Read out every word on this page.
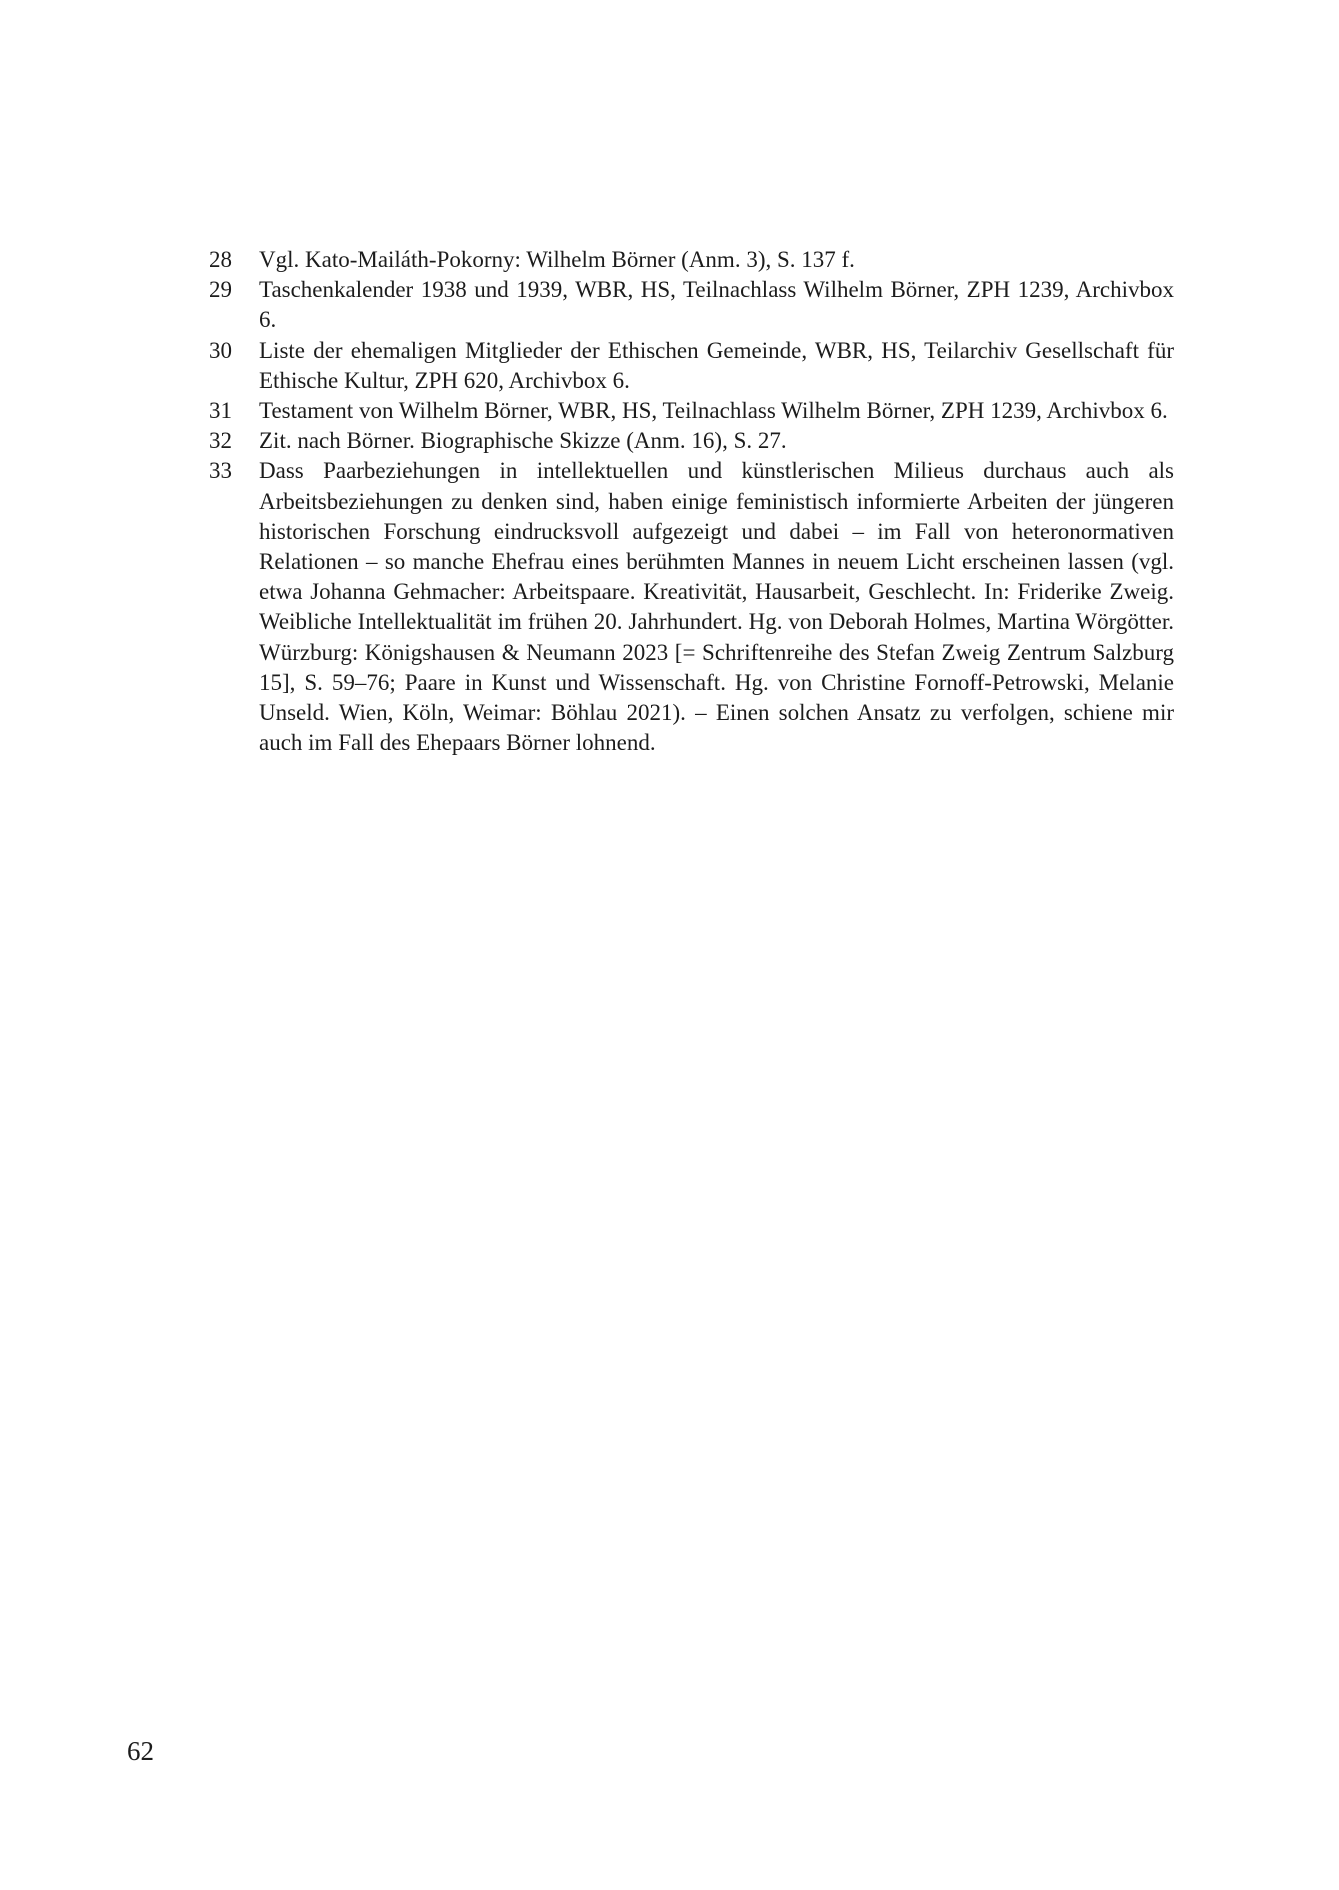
28	Vgl. Kato-Mailáth-Pokorny: Wilhelm Börner (Anm. 3), S. 137 f.
29	Taschenkalender 1938 und 1939, WBR, HS, Teilnachlass Wilhelm Börner, ZPH 1239, Archivbox 6.
30	Liste der ehemaligen Mitglieder der Ethischen Gemeinde, WBR, HS, Teilarchiv Gesellschaft für Ethische Kultur, ZPH 620, Archivbox 6.
31	Testament von Wilhelm Börner, WBR, HS, Teilnachlass Wilhelm Börner, ZPH 1239, Archivbox 6.
32	Zit. nach Börner. Biographische Skizze (Anm. 16), S. 27.
33	Dass Paarbeziehungen in intellektuellen und künstlerischen Milieus durchaus auch als Arbeitsbeziehungen zu denken sind, haben einige feministisch informierte Arbeiten der jüngeren historischen Forschung eindrucksvoll aufgezeigt und dabei – im Fall von heteronormativen Relationen – so manche Ehefrau eines berühmten Mannes in neuem Licht erscheinen lassen (vgl. etwa Johanna Gehmacher: Arbeitspaare. Kreativität, Hausarbeit, Geschlecht. In: Friderike Zweig. Weibliche Intellektualität im frühen 20. Jahrhundert. Hg. von Deborah Holmes, Martina Wörgötter. Würzburg: Königshausen & Neumann 2023 [= Schriftenreihe des Stefan Zweig Zentrum Salzburg 15], S. 59–76; Paare in Kunst und Wissenschaft. Hg. von Christine Fornoff-Petrowski, Melanie Unseld. Wien, Köln, Weimar: Böhlau 2021). – Einen solchen Ansatz zu verfolgen, schiene mir auch im Fall des Ehepaars Börner lohnend.
62
